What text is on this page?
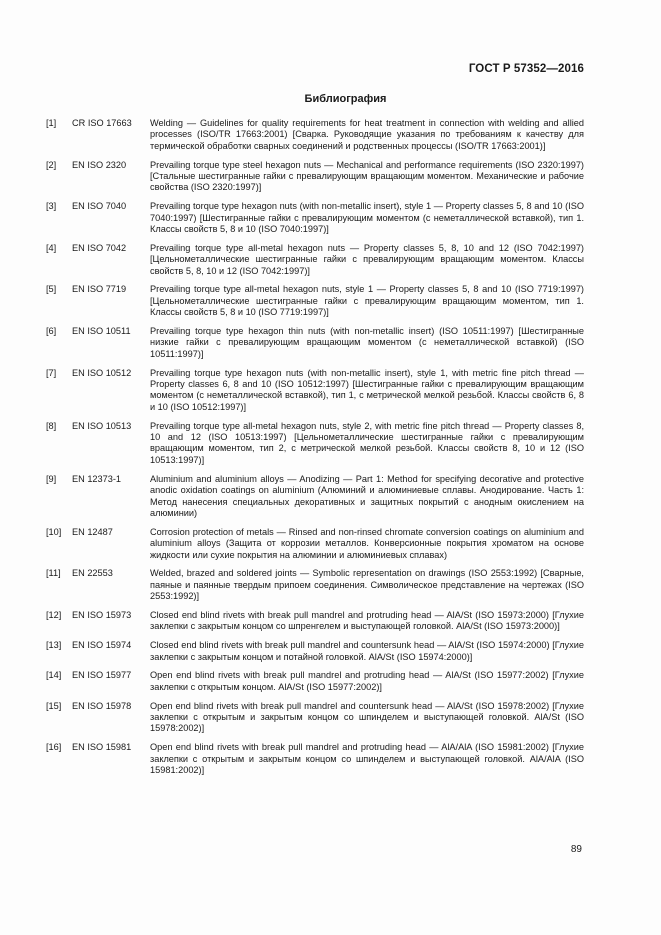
ГОСТ Р 57352—2016
Библиография
[1]	CR ISO 17663	Welding — Guidelines for quality requirements for heat treatment in connection with welding and allied processes (ISO/TR 17663:2001) [Сварка. Руководящие указания по требованиям к качеству для термической обработки сварных соединений и родственных процессы (ISO/TR 17663:2001)]
[2]	EN ISO 2320	Prevailing torque type steel hexagon nuts — Mechanical and performance requirements (ISO 2320:1997) [Стальные шестигранные гайки с превалирующим вращающим моментом. Механические и рабочие свойства (ISO 2320:1997)]
[3]	EN ISO 7040	Prevailing torque type hexagon nuts (with non-metallic insert), style 1 — Property classes 5, 8 and 10 (ISO 7040:1997) [Шестигранные гайки с превалирующим моментом (с неметаллической вставкой), тип 1. Классы свойств 5, 8 и 10 (ISO 7040:1997)]
[4]	EN ISO 7042	Prevailing torque type all-metal hexagon nuts — Property classes 5, 8, 10 and 12 (ISO 7042:1997) [Цельнометаллические шестигранные гайки с превалирующим вращающим моментом. Классы свойств 5, 8, 10 и 12 (ISO 7042:1997)]
[5]	EN ISO 7719	Prevailing torque type all-metal hexagon nuts, style 1 — Property classes 5, 8 and 10 (ISO 7719:1997) [Цельнометаллические шестигранные гайки с превалирующим вращающим моментом, тип 1. Классы свойств 5, 8 и 10 (ISO 7719:1997)]
[6]	EN ISO 10511	Prevailing torque type hexagon thin nuts (with non-metallic insert) (ISO 10511:1997) [Шестигранные низкие гайки с превалирующим вращающим моментом (с неметаллической вставкой) (ISO 10511:1997)]
[7]	EN ISO 10512	Prevailing torque type hexagon nuts (with non-metallic insert), style 1, with metric fine pitch thread — Property classes 6, 8 and 10 (ISO 10512:1997) [Шестигранные гайки с превалирующим вращающим моментом (с неметаллической вставкой), тип 1, с метрической мелкой резьбой. Классы свойств 6, 8 и 10 (ISO 10512:1997)]
[8]	EN ISO 10513	Prevailing torque type all-metal hexagon nuts, style 2, with metric fine pitch thread — Property classes 8, 10 and 12 (ISO 10513:1997) [Цельнометаллические шестигранные гайки с превалирующим вращающим моментом, тип 2, с метрической мелкой резьбой. Классы свойств 8, 10 и 12 (ISO 10513:1997)]
[9]	EN 12373-1	Aluminium and aluminium alloys — Anodizing — Part 1: Method for specifying decorative and protective anodic oxidation coatings on aluminium (Алюминий и алюминиевые сплавы. Анодирование. Часть 1: Метод нанесения специальных декоративных и защитных покрытий с анодным окислением на алюминии)
[10]	EN 12487	Corrosion protection of metals — Rinsed and non-rinsed chromate conversion coatings on aluminium and aluminium alloys (Защита от коррозии металлов. Конверсионные покрытия хроматом на основе жидкости или сухие покрытия на алюминии и алюминиевых сплавах)
[11]	EN 22553	Welded, brazed and soldered joints — Symbolic representation on drawings (ISO 2553:1992) [Сварные, паяные и паянные твердым припоем соединения. Символическое представление на чертежах (ISO 2553:1992)]
[12]	EN ISO 15973	Closed end blind rivets with break pull mandrel and protruding head — AlA/St (ISO 15973:2000) [Глухие заклепки с закрытым концом со шпренгелем и выступающей головкой. AlA/St (ISO 15973:2000)]
[13]	EN ISO 15974	Closed end blind rivets with break pull mandrel and countersunk head — AlA/St (ISO 15974:2000) [Глухие заклепки с закрытым концом и потайной головкой. AlA/St (ISO 15974:2000)]
[14]	EN ISO 15977	Open end blind rivets with break pull mandrel and protruding head — AlA/St (ISO 15977:2002) [Глухие заклепки с открытым концом. AlA/St (ISO 15977:2002)]
[15]	EN ISO 15978	Open end blind rivets with break pull mandrel and countersunk head — AlA/St (ISO 15978:2002) [Глухие заклепки с открытым и закрытым концом со шпинделем и выступающей головкой. AlA/St (ISO 15978:2002)]
[16]	EN ISO 15981	Open end blind rivets with break pull mandrel and protruding head — AlA/AlA (ISO 15981:2002) [Глухие заклепки с открытым и закрытым концом со шпинделем и выступающей головкой. AlA/AlA (ISO 15981:2002)]
89
